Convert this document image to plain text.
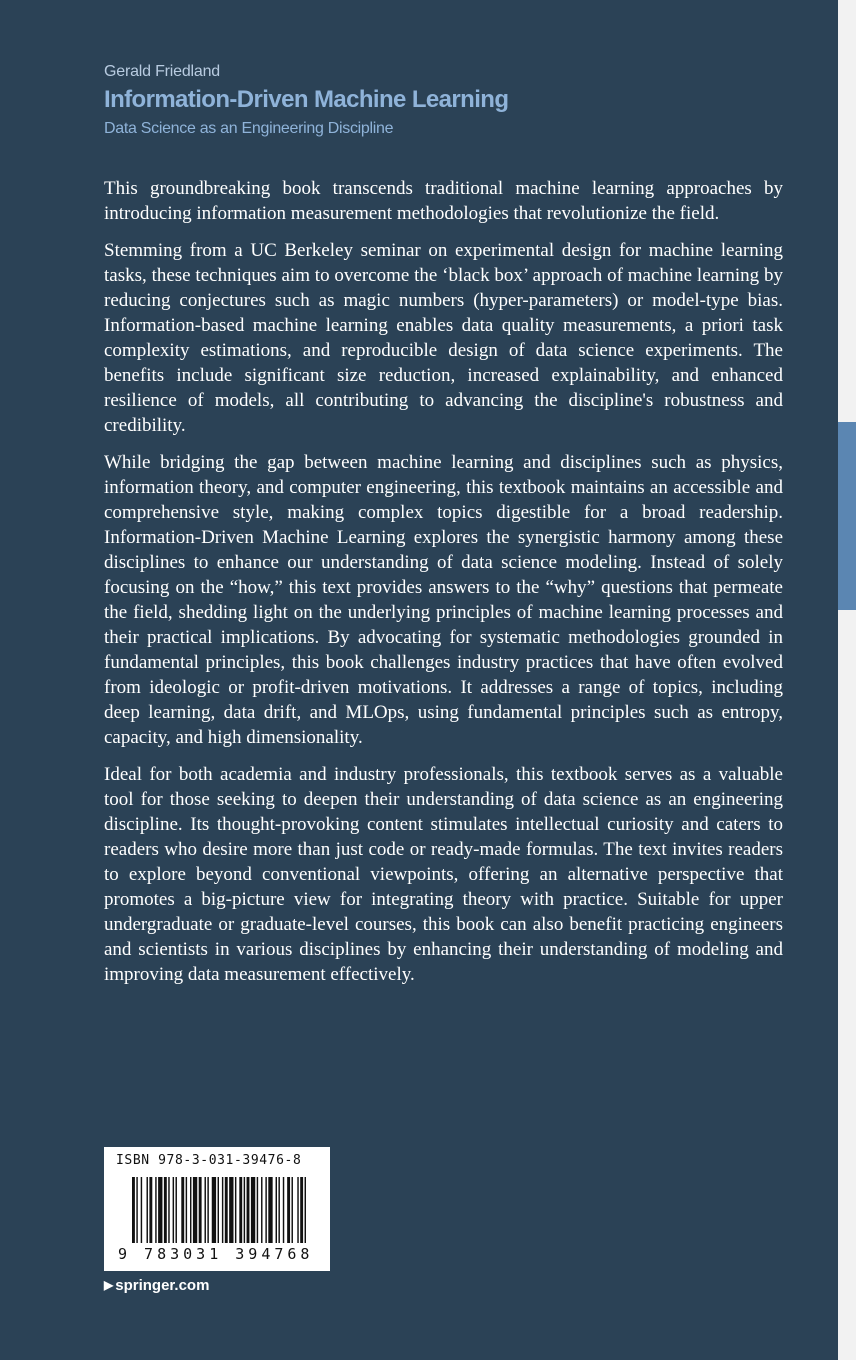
Gerald Friedland
Information-Driven Machine Learning
Data Science as an Engineering Discipline

This groundbreaking book transcends traditional machine learning approaches by introducing information measurement methodologies that revolutionize the field.

Stemming from a UC Berkeley seminar on experimental design for machine learning tasks, these techniques aim to overcome the ‘black box’ approach of machine learning by reducing conjectures such as magic numbers (hyper-parameters) or model-type bias. Information-based machine learning enables data quality measurements, a priori task complexity estimations, and reproducible design of data science experiments. The benefits include significant size reduction, increased explainability, and enhanced resilience of models, all contributing to advancing the discipline's robustness and credibility.

While bridging the gap between machine learning and disciplines such as physics, information theory, and computer engineering, this textbook maintains an accessible and comprehensive style, making complex topics digestible for a broad readership. Information-Driven Machine Learning explores the synergistic harmony among these disciplines to enhance our understanding of data science modeling. Instead of solely focusing on the “how,” this text provides answers to the “why” questions that permeate the field, shedding light on the underlying principles of machine learning processes and their practical implications. By advocating for systematic methodologies grounded in fundamental principles, this book challenges industry practices that have often evolved from ideologic or profit-driven motivations. It addresses a range of topics, including deep learning, data drift, and MLOps, using fundamental principles such as entropy, capacity, and high dimensionality.

Ideal for both academia and industry professionals, this textbook serves as a valuable tool for those seeking to deepen their understanding of data science as an engineering discipline. Its thought-provoking content stimulates intellectual curiosity and caters to readers who desire more than just code or ready-made formulas. The text invites readers to explore beyond conventional viewpoints, offering an alternative perspective that promotes a big-picture view for integrating theory with practice. Suitable for upper undergraduate or graduate-level courses, this book can also benefit practicing engineers and scientists in various disciplines by enhancing their understanding of modeling and improving data measurement effectively.

ISBN 978-3-031-39476-8
9 783031 394768
▶ springer.com
